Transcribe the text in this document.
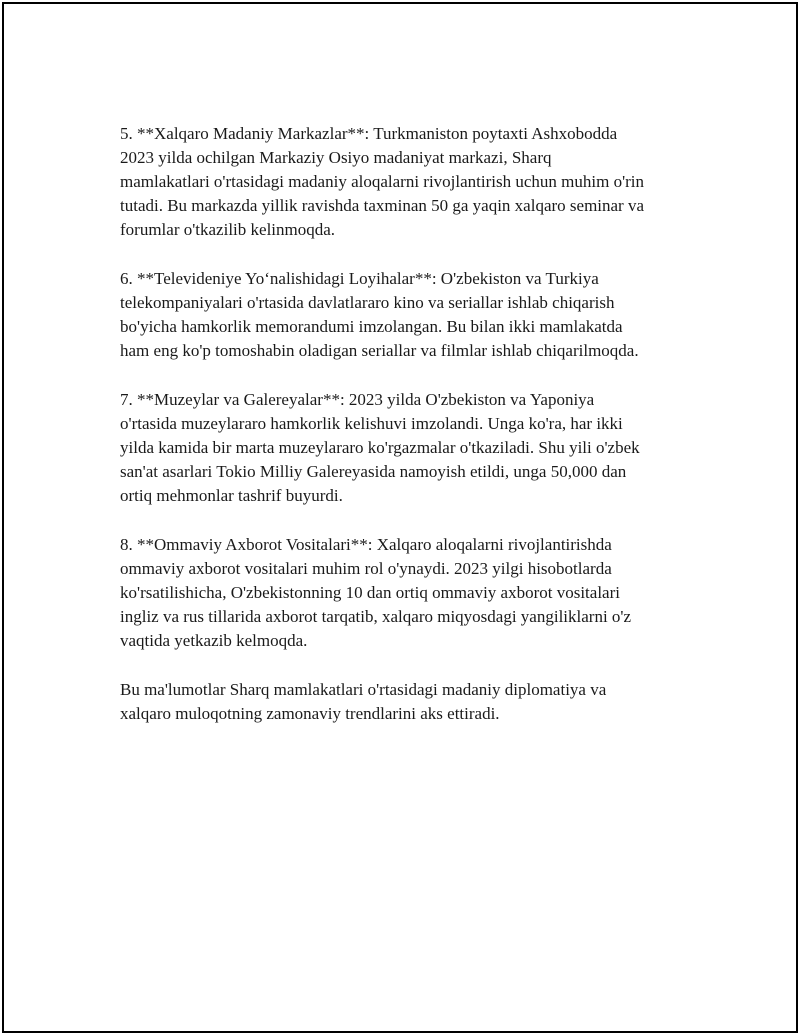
5. **Xalqaro Madaniy Markazlar**: Turkmaniston poytaxti Ashxobodda
2023 yilda ochilgan Markaziy Osiyo madaniyat markazi, Sharq
mamlakatlari o'rtasidagi madaniy aloqalarni rivojlantirish uchun muhim o'rin
tutadi. Bu markazda yillik ravishda taxminan 50 ga yaqin xalqaro seminar va
forumlar o'tkazilib kelinmoqda.

6. **Televideniye Yoʻnalishidagi Loyihalar**: O'zbekiston va Turkiya
telekompaniyalari o'rtasida davlatlararo kino va seriallar ishlab chiqarish
bo'yicha hamkorlik memorandumi imzolangan. Bu bilan ikki mamlakatda
ham eng ko'p tomoshabin oladigan seriallar va filmlar ishlab chiqarilmoqda.

7. **Muzeylar va Galereyalar**: 2023 yilda O'zbekiston va Yaponiya
o'rtasida muzeylararo hamkorlik kelishuvi imzolandi. Unga ko'ra, har ikki
yilda kamida bir marta muzeylararo ko'rgazmalar o'tkaziladi. Shu yili o'zbek
san'at asarlari Tokio Milliy Galereyasida namoyish etildi, unga 50,000 dan
ortiq mehmonlar tashrif buyurdi.

8. **Ommaviy Axborot Vositalari**: Xalqaro aloqalarni rivojlantirishda
ommaviy axborot vositalari muhim rol o'ynaydi. 2023 yilgi hisobotlarda
ko'rsatilishicha, O'zbekistonning 10 dan ortiq ommaviy axborot vositalari
ingliz va rus tillarida axborot tarqatib, xalqaro miqyosdagi yangiliklarni o'z
vaqtida yetkazib kelmoqda.

Bu ma'lumotlar Sharq mamlakatlari o'rtasidagi madaniy diplomatiya va
xalqaro muloqotning zamonaviy trendlarini aks ettiradi.
